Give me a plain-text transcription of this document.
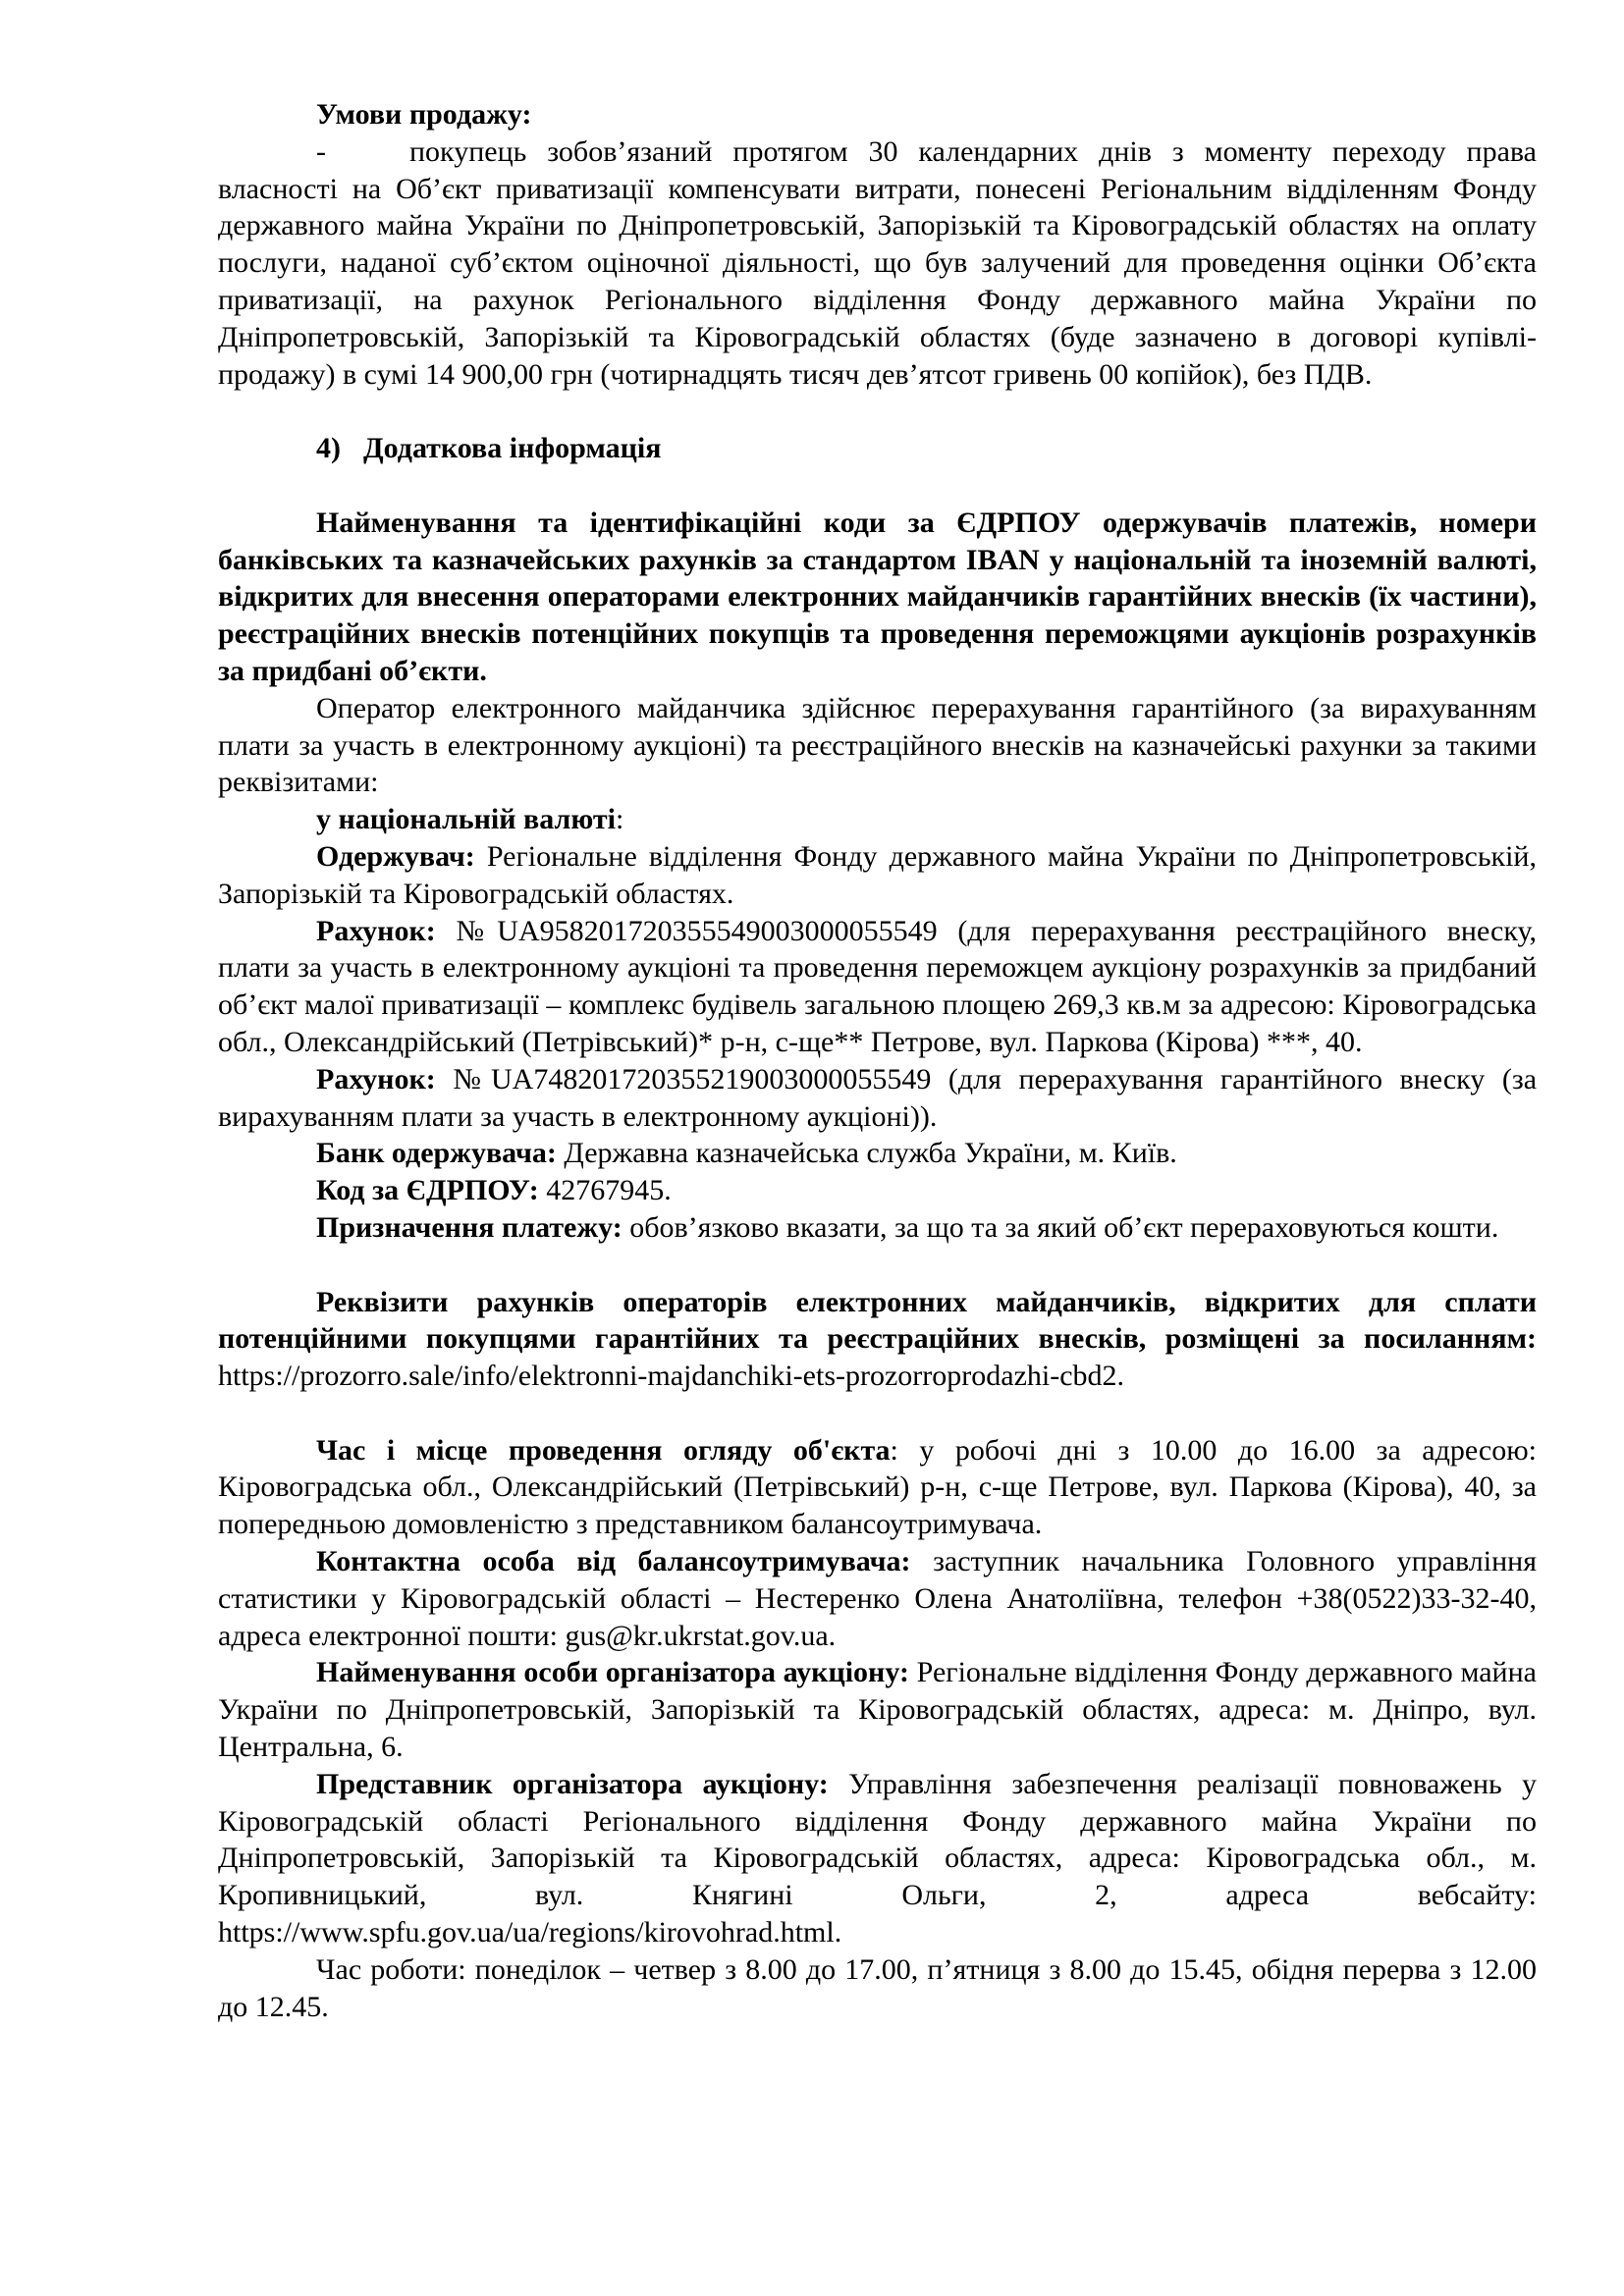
Умови продажу:

-	покупець зобов’язаний протягом 30 календарних днів з моменту переходу права власності на Об’єкт приватизації компенсувати витрати, понесені Регіональним відділенням Фонду державного майна України по Дніпропетровській, Запорізькій та Кіровоградській областях на оплату послуги, наданої суб’єктом оціночної діяльності, що був залучений для проведення оцінки Об’єкта приватизації, на рахунок Регіонального відділення Фонду державного майна України по Дніпропетровській, Запорізькій та Кіровоградській областях (буде зазначено в договорі купівлі-продажу) в сумі 14 900,00 грн (чотирнадцять тисяч дев’ятсот гривень 00 копійок), без ПДВ.

4) Додаткова інформація

Найменування та ідентифікаційні коди за ЄДРПОУ одержувачів платежів, номери банківських та казначейських рахунків за стандартом IBAN у національній та іноземній валюті, відкритих для внесення операторами електронних майданчиків гарантійних внесків (їх частини), реєстраційних внесків потенційних покупців та проведення переможцями аукціонів розрахунків за придбані об’єкти.

Оператор електронного майданчика здійснює перерахування гарантійного (за вирахуванням плати за участь в електронному аукціоні) та реєстраційного внесків на казначейські рахунки за такими реквізитами:

у національній валюті:

Одержувач: Регіональне відділення Фонду державного майна України по Дніпропетровській, Запорізькій та Кіровоградській областях.

Рахунок: №UA958201720355549003000055549 (для перерахування реєстраційного внеску, плати за участь в електронному аукціоні та проведення переможцем аукціону розрахунків за придбаний об’єкт малої приватизації – комплекс будівель загальною площею 269,3 кв.м за адресою: Кіровоградська обл., Олександрійський (Петрівський)* р-н, с-ще** Петрове, вул. Паркова (Кірова) ***, 40.

Рахунок: №UA748201720355219003000055549 (для перерахування гарантійного внеску (за вирахуванням плати за участь в електронному аукціоні)).

Банк одержувача: Державна казначейська служба України, м. Київ.

Код за ЄДРПОУ: 42767945.

Призначення платежу: обов’язково вказати, за що та за який об’єкт перераховуються кошти.

Реквізити рахунків операторів електронних майданчиків, відкритих для сплати потенційними покупцями гарантійних та реєстраційних внесків, розміщені за посиланням: https://prozorro.sale/info/elektronni-majdanchiki-ets-prozorroprodazhi-cbd2.

Час і місце проведення огляду об'єкта: у робочі дні з 10.00 до 16.00 за адресою: Кіровоградська обл., Олександрійський (Петрівський) р-н, с-ще Петрове, вул. Паркова (Кірова), 40, за попередньою домовленістю з представником балансоутримувача.

Контактна особа від балансоутримувача: заступник начальника Головного управління статистики у Кіровоградській області – Нестеренко Олена Анатоліївна, телефон +38(0522)33-32-40, адреса електронної пошти: gus@kr.ukrstat.gov.ua.

Найменування особи організатора аукціону: Регіональне відділення Фонду державного майна України по Дніпропетровській, Запорізькій та Кіровоградській областях, адреса: м. Дніпро, вул. Центральна, 6.

Представник організатора аукціону: Управління забезпечення реалізації повноважень у Кіровоградській області Регіонального відділення Фонду державного майна України по Дніпропетровській, Запорізькій та Кіровоградській областях, адреса: Кіровоградська обл., м. Кропивницький, вул. Княгині Ольги, 2, адреса вебсайту: https://www.spfu.gov.ua/ua/regions/kirovohrad.html.

Час роботи: понеділок – четвер з 8.00 до 17.00, п’ятниця з 8.00 до 15.45, обідня перерва з 12.00 до 12.45.
